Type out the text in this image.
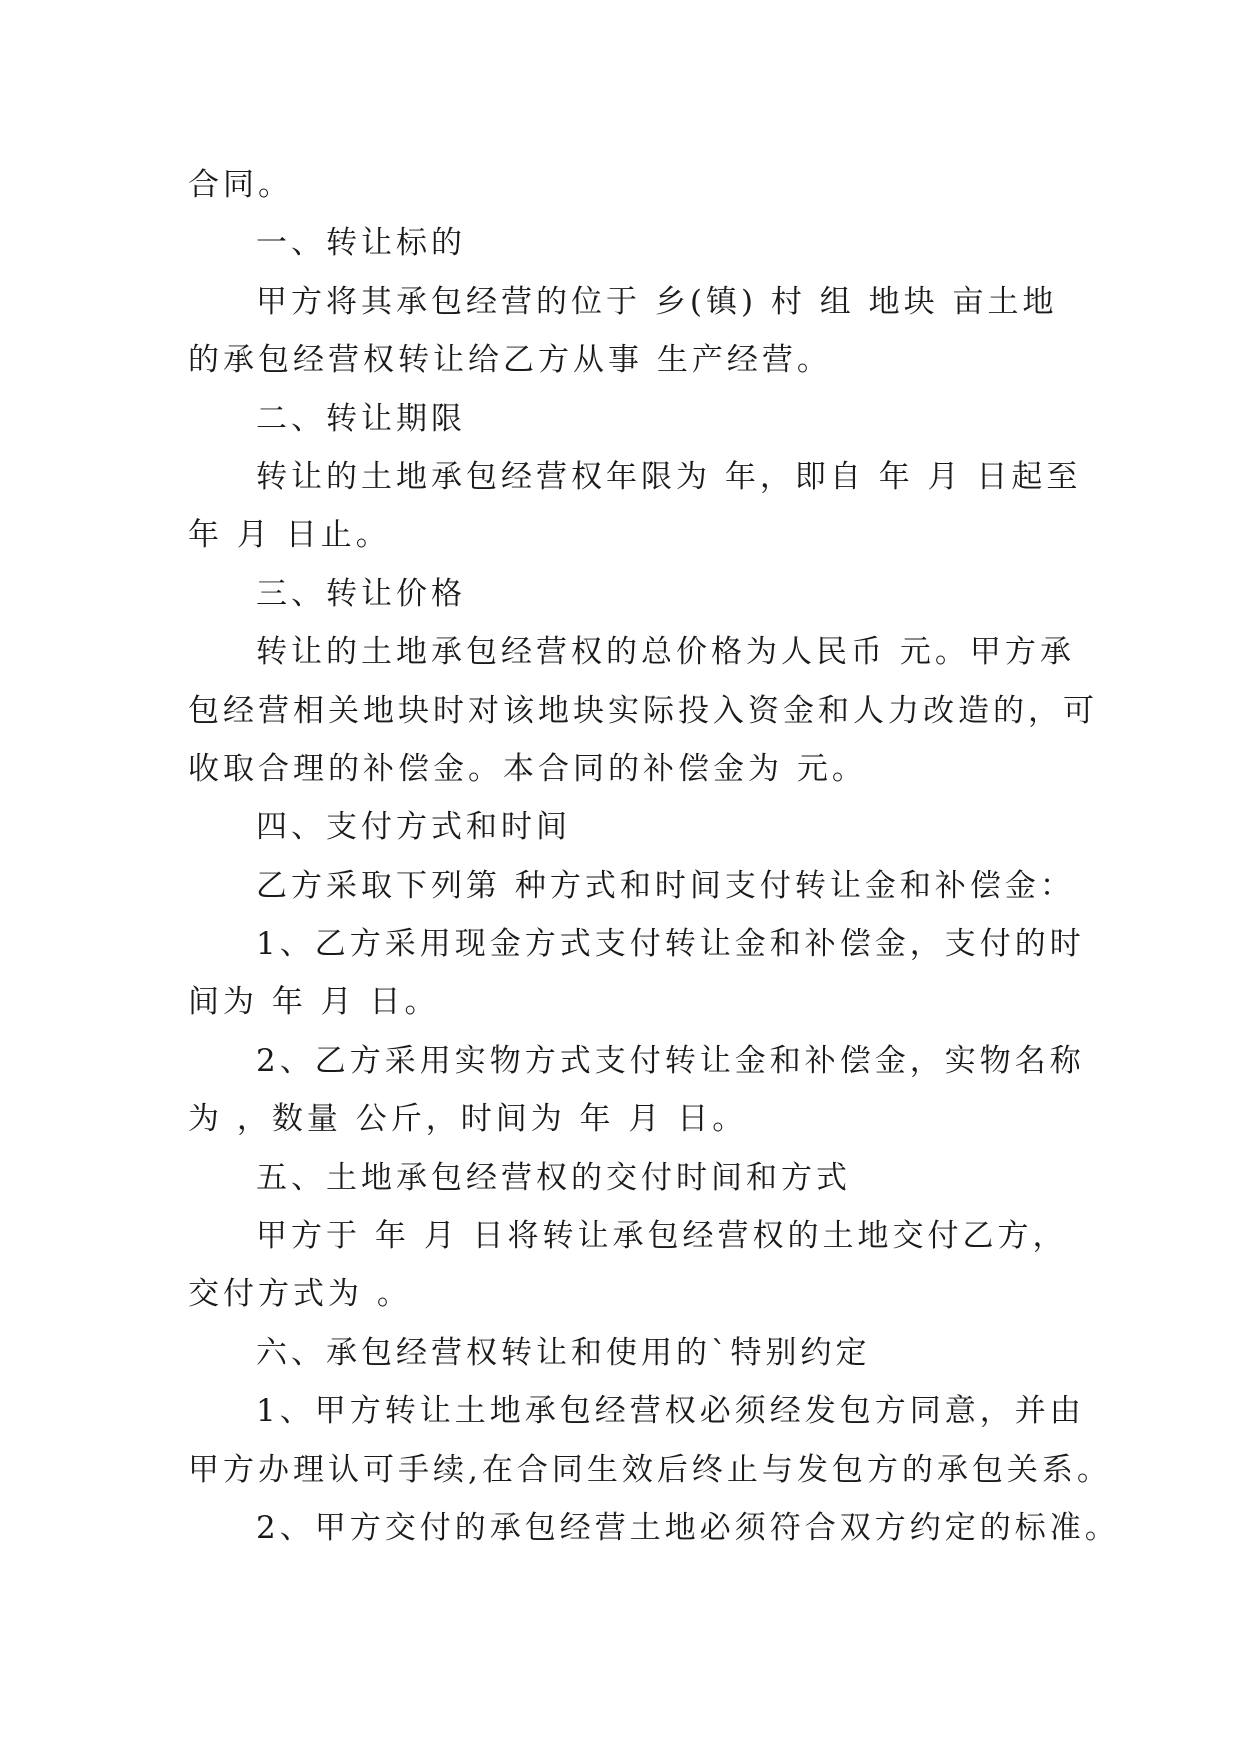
合同。
一、转让标的
甲方将其承包经营的位于 乡(镇) 村 组 地块 亩土地
的承包经营权转让给乙方从事 生产经营。
二、转让期限
转让的土地承包经营权年限为 年，即自 年 月 日起至
年 月 日止。
三、转让价格
转让的土地承包经营权的总价格为人民币 元。甲方承
包经营相关地块时对该地块实际投入资金和人力改造的，可
收取合理的补偿金。本合同的补偿金为 元。
四、支付方式和时间
乙方采取下列第 种方式和时间支付转让金和补偿金：
1、乙方采用现金方式支付转让金和补偿金，支付的时
间为 年 月 日。
2、乙方采用实物方式支付转让金和补偿金，实物名称
为 ，数量 公斤，时间为 年 月 日。
五、土地承包经营权的交付时间和方式
甲方于 年 月 日将转让承包经营权的土地交付乙方，
交付方式为 。
六、承包经营权转让和使用的`特别约定
1、甲方转让土地承包经营权必须经发包方同意，并由
甲方办理认可手续,在合同生效后终止与发包方的承包关系。
2、甲方交付的承包经营土地必须符合双方约定的标准。
